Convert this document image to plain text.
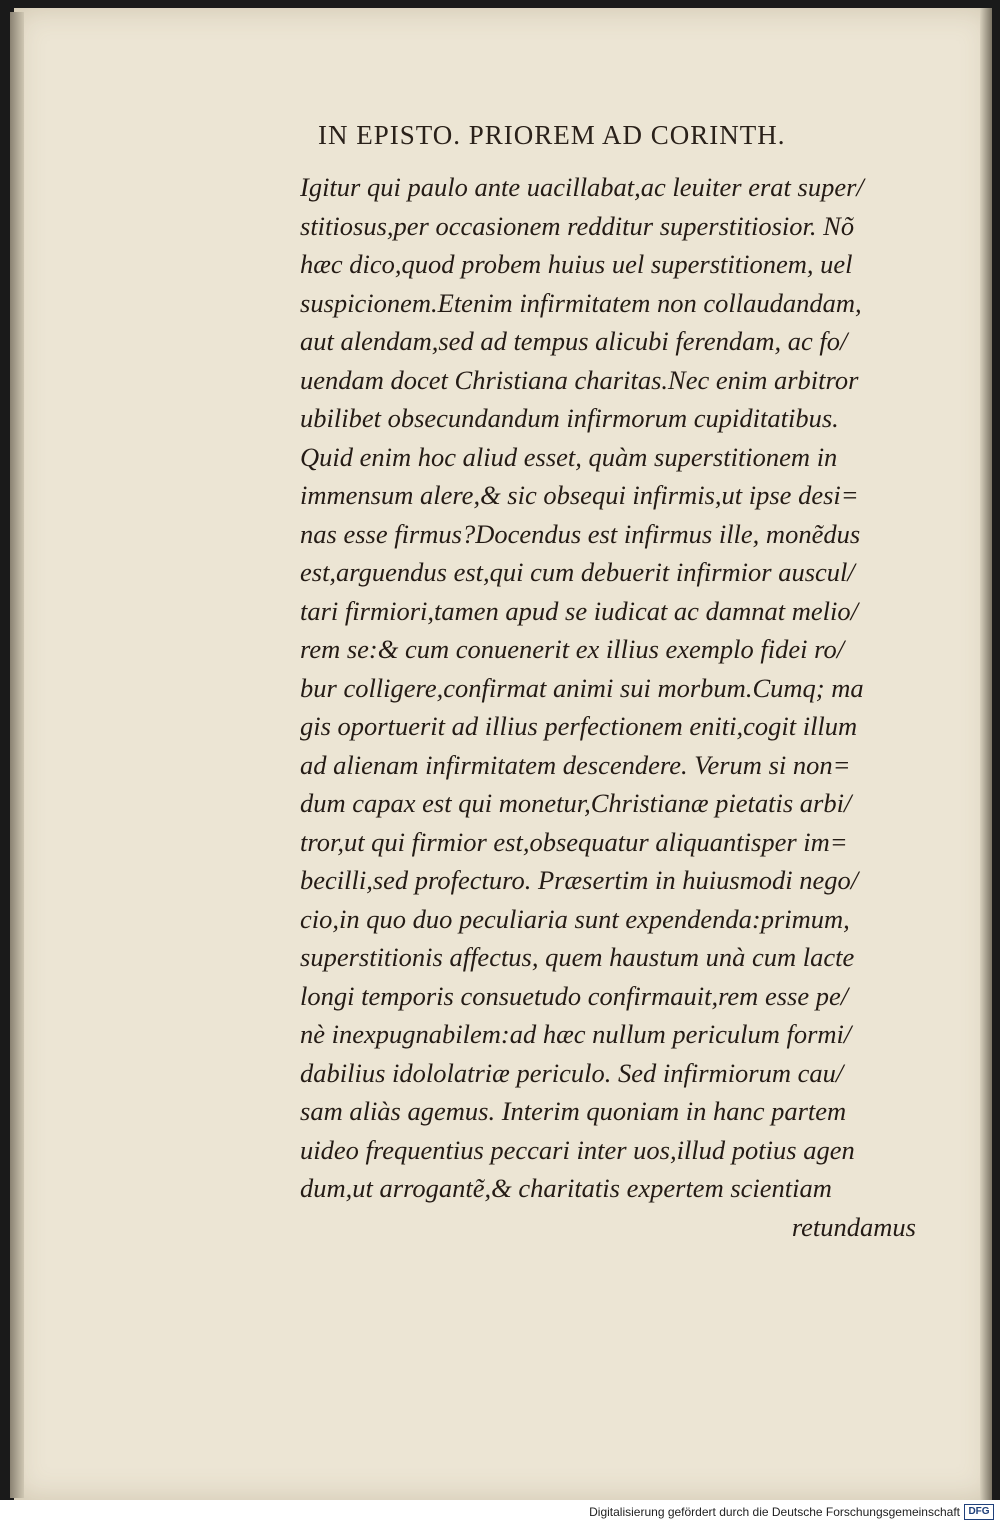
IN EPISTO. PRIOREM AD CORINTH.
Igitur qui paulo ante uacillabat,ac leuiter erat super/
stitiosus,per occasionem redditur superstitiosior. Nõ
hæc dico,quod probem huius uel superstitionem, uel
suspicionem.Etenim infirmitatem non collaudandam,
aut alendam,sed ad tempus alicubi ferendam, ac fo/
uendam docet Christiana charitas.Nec enim arbitror
ubilibet obsecundandum infirmorum cupiditatibus.
Quid enim hoc aliud esset, quàm superstitionem in
immensum alere,& sic obsequi infirmis,ut ipse desi=
nas esse firmus?Docendus est infirmus ille, monẽdus
est,arguendus est,qui cum debuerit infirmior auscul/
tari firmiori,tamen apud se iudicat ac damnat melio/
rem se:& cum conuenerit ex illius exemplo fidei ro/
bur colligere,confirmat animi sui morbum.Cumq; ma
gis oportuerit ad illius perfectionem eniti,cogit illum
ad alienam infirmitatem descendere. Verum si non=
dum capax est qui monetur,Christianæ pietatis arbi/
tror,ut qui firmior est,obsequatur aliquantisper im=
becilli,sed profecturo. Præsertim in huiusmodi nego/
cio,in quo duo peculiaria sunt expendenda:primum,
superstitionis affectus, quem haustum unà cum lacte
longi temporis consuetudo confirmauit,rem esse pe/
nè inexpugnabilem:ad hæc nullum periculum formi/
dabilius idololatriæ periculo. Sed infirmiorum cau/
sam aliàs agemus. Interim quoniam in hanc partem
uideo frequentius peccari inter uos,illud potius agen
dum,ut arrogantẽ,& charitatis expertem scientiam
retundamus
Digitalisierung gefördert durch die Deutsche Forschungsgemeinschaft DFG
